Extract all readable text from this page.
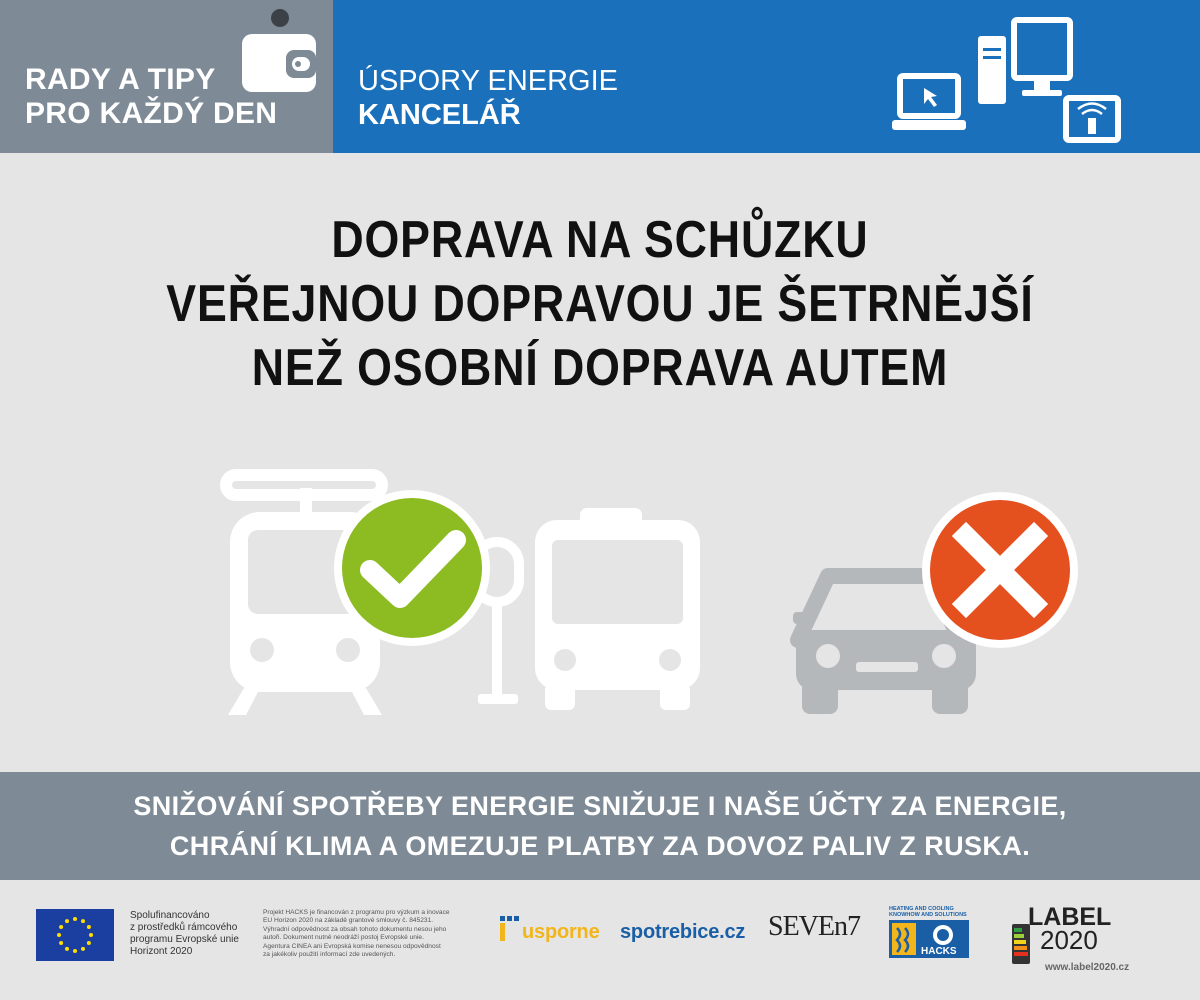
RADY A TIPY
PRO KAŽDÝ DEN
ÚSPORY ENERGIE
KANCELÁŘ
DOPRAVA NA SCHŮZKU
VEŘEJNOU DOPRAVOU JE ŠETRNĚJŠÍ
NEŽ OSOBNÍ DOPRAVA AUTEM
SNIŽOVÁNÍ SPOTŘEBY ENERGIE SNIŽUJE I NAŠE ÚČTY ZA ENERGIE,
CHRÁNÍ KLIMA A OMEZUJE PLATBY ZA DOVOZ PALIV Z RUSKA.
Spolufinancováno
z prostředků rámcového
programu Evropské unie
Horizont 2020
Projekt HACKS je financován z programu pro výzkum a inovace
EU Horizon 2020 na základě grantové smlouvy č. 845231.
Výhradní odpovědnost za obsah tohoto dokumentu nesou jeho
autoři. Dokument nutně neodráží postoj Evropské unie.
Agentura CINEA ani Evropská komise nenesou odpovědnost
za jakékoliv použití informací zde uvedených.
usporne spotrebice.cz SEVEn7
HEATING AND COOLING
KNOWHOW AND SOLUTIONS
HACKS
LABEL
2020
www.label2020.cz
